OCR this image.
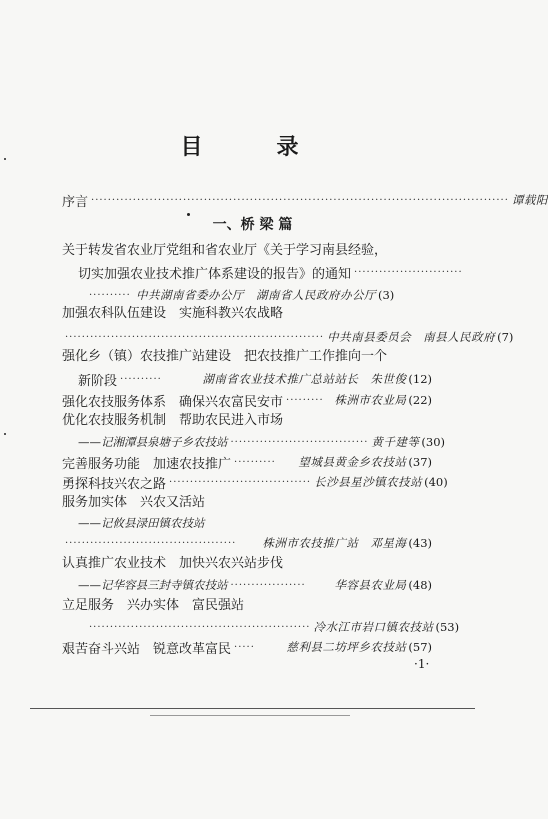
目　录
序言 ···································································································· 谭载阳
一、桥 梁 篇
关于转发省农业厅党组和省农业厅《关于学习南县经验，
切实加强农业技术推广体系建设的报告》的通知 ··························
·········· 中共湖南省委办公厅　湖南省人民政府办公厅 (3)
加强农科队伍建设　实施科教兴农战略
······························································ 中共南县委员会　南县人民政府 (7)
强化乡（镇）农技推广站建设　把农技推广工作推向一个
新阶段 ··········	湖南省农业技术推广总站站长　朱世俊 (12)
强化农技服务体系　确保兴农富民安市 ········· 株洲市农业局 (22)
优化农技服务机制　帮助农民进入市场
——记湘潭县泉塘子乡农技站 ································· 黄千建等 (30)
完善服务功能　加速农技推广 ··········	望城县黄金乡农技站 (37)
勇探科技兴农之路 ·································· 长沙县星沙镇农技站 (40)
服务加实体　兴农又活站
——记攸县渌田镇农技站
·········································	株洲市农技推广站　邓星海 (43)
认真推广农业技术　加快兴农兴站步伐
——记华容县三封寺镇农技站 ··················	华容县农业局 (48)
立足服务　兴办实体　富民强站
····················································· 冷水江市岩口镇农技站 (53)
艰苦奋斗兴站　锐意改革富民 ·····	慈利县二坊坪乡农技站 (57)
·1·
